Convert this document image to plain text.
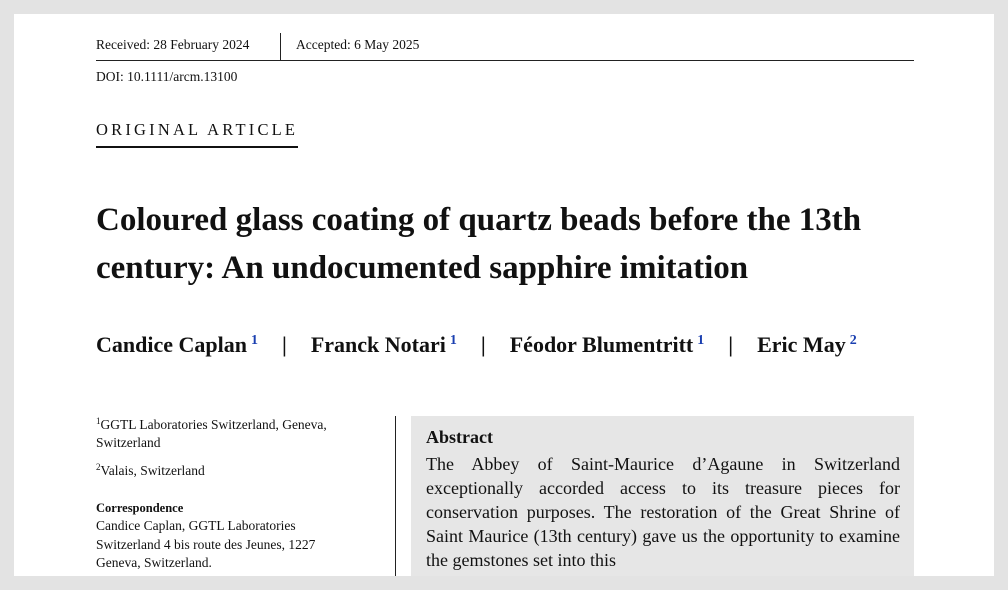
Received: 28 February 2024	Accepted: 6 May 2025
DOI: 10.1111/arcm.13100
ORIGINAL ARTICLE
Coloured glass coating of quartz beads before the 13th century: An undocumented sapphire imitation
Candice Caplan $^1$ | Franck Notari $^1$ | Féodor Blumentritt $^1$ | Eric May $^2$
$^1$GGTL Laboratories Switzerland, Geneva, Switzerland
$^2$Valais, Switzerland
Correspondence
Candice Caplan, GGTL Laboratories Switzerland 4 bis route des Jeunes, 1227 Geneva, Switzerland.
Abstract
The Abbey of Saint-Maurice d’Agaune in Switzerland exceptionally accorded access to its treasure pieces for conservation purposes. The restoration of the Great Shrine of Saint Maurice (13th century) gave us the opportunity to examine the gemstones set into this
